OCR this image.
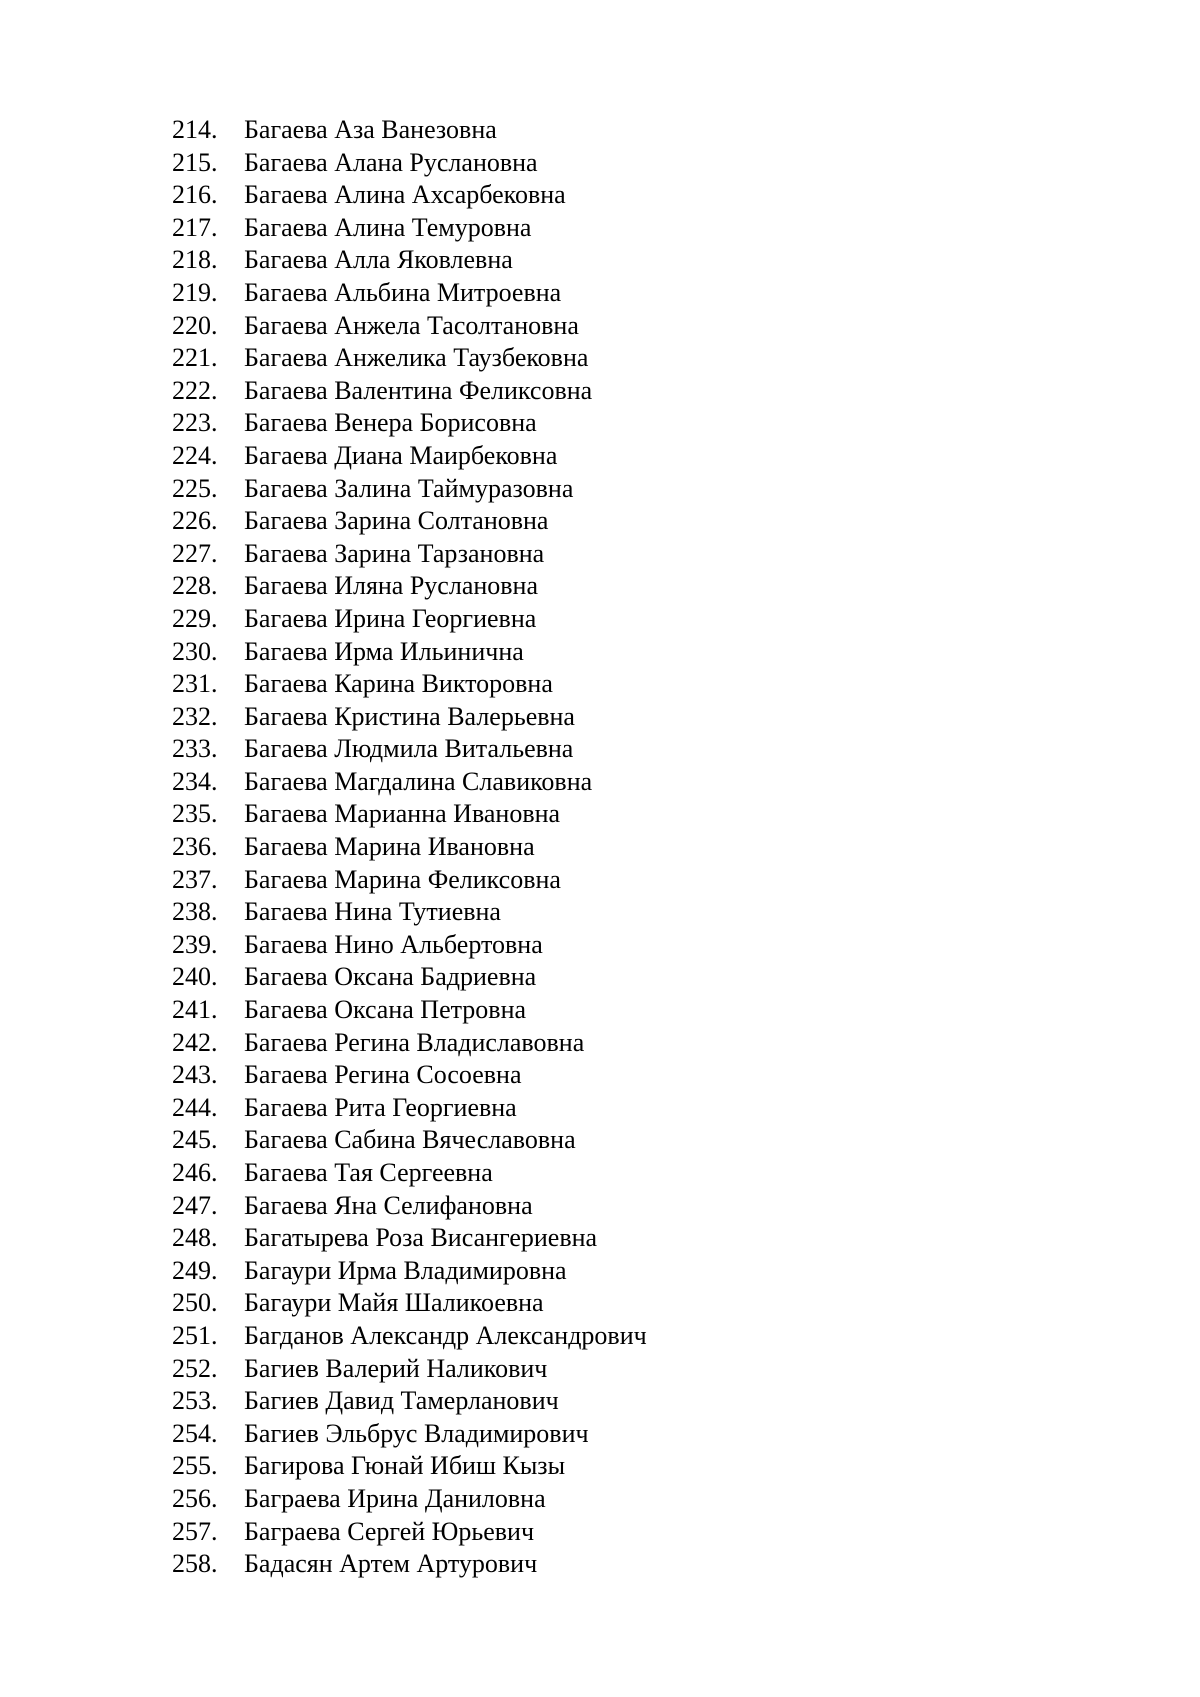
214.	Багаева Аза Ванезовна
215.	Багаева Алана Руслановна
216.	Багаева Алина Ахсарбековна
217.	Багаева Алина Темуровна
218.	Багаева Алла Яковлевна
219.	Багаева Альбина Митроевна
220.	Багаева Анжела Тасолтановна
221.	Багаева Анжелика Таузбековна
222.	Багаева Валентина Феликсовна
223.	Багаева Венера Борисовна
224.	Багаева Диана Маирбековна
225.	Багаева Залина Таймуразовна
226.	Багаева Зарина Солтановна
227.	Багаева Зарина Тарзановна
228.	Багаева Иляна Руслановна
229.	Багаева Ирина Георгиевна
230.	Багаева Ирма Ильинична
231.	Багаева Карина Викторовна
232.	Багаева Кристина Валерьевна
233.	Багаева Людмила Витальевна
234.	Багаева Магдалина Славиковна
235.	Багаева Марианна Ивановна
236.	Багаева Марина Ивановна
237.	Багаева Марина Феликсовна
238.	Багаева Нина Тутиевна
239.	Багаева Нино Альбертовна
240.	Багаева Оксана Бадриевна
241.	Багаева Оксана Петровна
242.	Багаева Регина Владиславовна
243.	Багаева Регина Сосоевна
244.	Багаева Рита Георгиевна
245.	Багаева Сабина Вячеславовна
246.	Багаева Тая Сергеевна
247.	Багаева Яна Селифановна
248.	Багатырева Роза Висангериевна
249.	Багаури Ирма Владимировна
250.	Багаури Майя Шаликоевна
251.	Багданов Александр Александрович
252.	Багиев Валерий Наликович
253.	Багиев Давид Тамерланович
254.	Багиев Эльбрус Владимирович
255.	Багирова Гюнай Ибиш Кызы
256.	Баграева Ирина Даниловна
257.	Баграева Сергей Юрьевич
258.	Бадасян Артем Артурович
